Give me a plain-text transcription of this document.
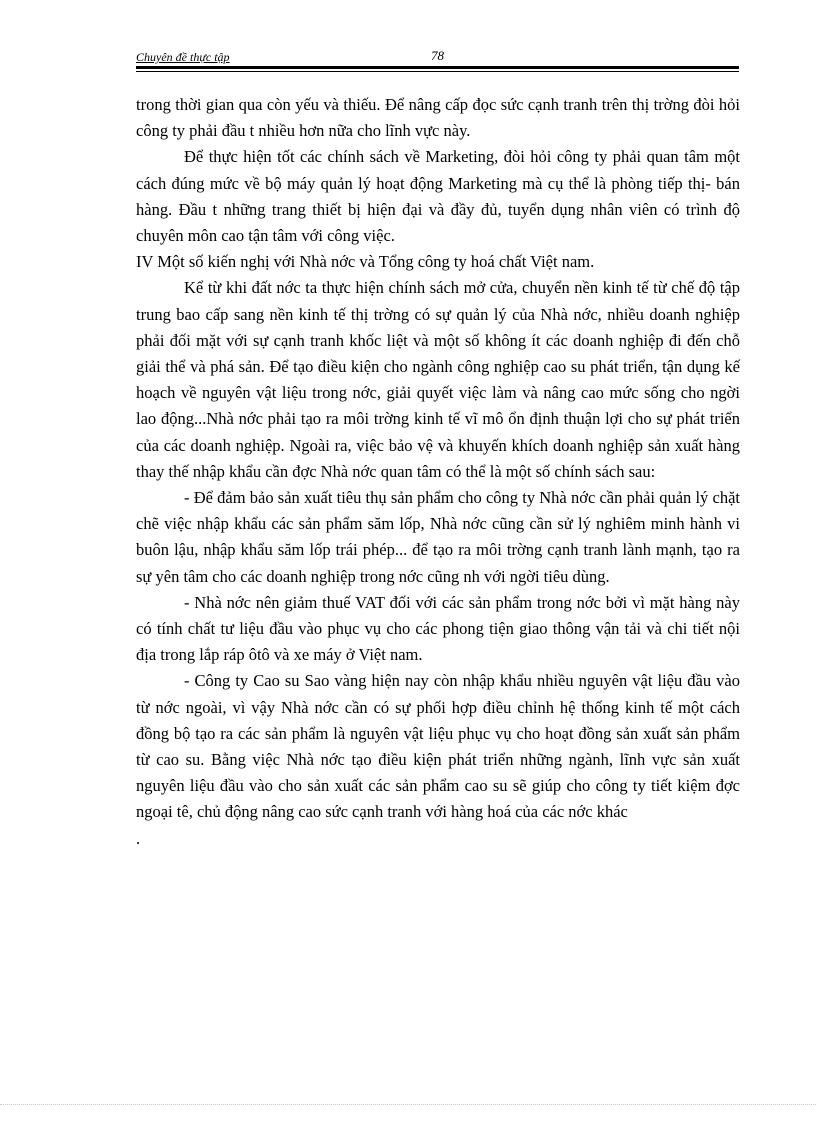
Chuyên đề thực tập	78

trong thời gian qua còn yếu và thiếu. Để nâng cấp đọc sức cạnh tranh trên thị trờng đòi hỏi công ty phải đầu t nhiều hơn nữa cho lĩnh vực này.

Để thực hiện tốt các chính sách về Marketing, đòi hỏi công ty phải quan tâm một cách đúng mức về bộ máy quản lý hoạt động Marketing mà cụ thể là phòng tiếp thị- bán hàng. Đầu t những trang thiết bị hiện đại và đầy đủ, tuyển dụng nhân viên có trình độ chuyên môn cao tận tâm với công việc.

IV Một số kiến nghị với Nhà nớc và Tổng công ty hoá chất Việt nam.

Kể từ khi đất nớc ta thực hiện chính sách mở cửa, chuyển nền kinh tế từ chế độ tập trung bao cấp sang nền kinh tế thị trờng có sự quản lý của Nhà nớc, nhiều doanh nghiệp phải đối mặt với sự cạnh tranh khốc liệt và một số không ít các doanh nghiệp đi đến chỗ giải thể và phá sản. Để tạo điều kiện cho ngành công nghiệp cao su phát triển, tận dụng kế hoạch về nguyên vật liệu trong nớc, giải quyết việc làm và nâng cao mức sống cho ngời lao động...Nhà nớc phải tạo ra môi trờng kinh tế vĩ mô ổn định thuận lợi cho sự phát triển của các doanh nghiệp. Ngoài ra, việc bảo vệ và khuyến khích doanh nghiệp sản xuất hàng thay thế nhập khẩu cần đợc Nhà nớc quan tâm có thể là một số chính sách sau:

- Để đảm bảo sản xuất tiêu thụ sản phẩm cho công ty Nhà nớc cần phải quản lý chặt chẽ việc nhập khẩu các sản phẩm săm lốp, Nhà nớc cũng cần sử lý nghiêm minh hành vi buôn lậu, nhập khẩu săm lốp trái phép... để tạo ra môi trờng cạnh tranh lành mạnh, tạo ra sự yên tâm cho các doanh nghiệp trong nớc cũng nh với ngời tiêu dùng.

- Nhà nớc nên giảm thuế VAT đối với các sản phẩm trong nớc bởi vì mặt hàng này có tính chất tư liệu đầu vào phục vụ cho các phong tiện giao thông vận tải và chi tiết nội địa trong lắp ráp ôtô và xe máy ở Việt nam.

- Công ty Cao su Sao vàng hiện nay còn nhập khẩu nhiều nguyên vật liệu đầu vào từ nớc ngoài, vì vậy Nhà nớc cần có sự phối hợp điều chỉnh hệ thống kinh tế một cách đồng bộ tạo ra các sản phẩm là nguyên vật liệu phục vụ cho hoạt đồng sản xuất sản phẩm từ cao su. Bằng việc Nhà nớc tạo điều kiện phát triển những ngành, lĩnh vực sản xuất nguyên liệu đầu vào cho sản xuất các sản phẩm cao su sẽ giúp cho công ty tiết kiệm đợc ngoại tê, chủ động nâng cao sức cạnh tranh với hàng hoá của các nớc khác

.
